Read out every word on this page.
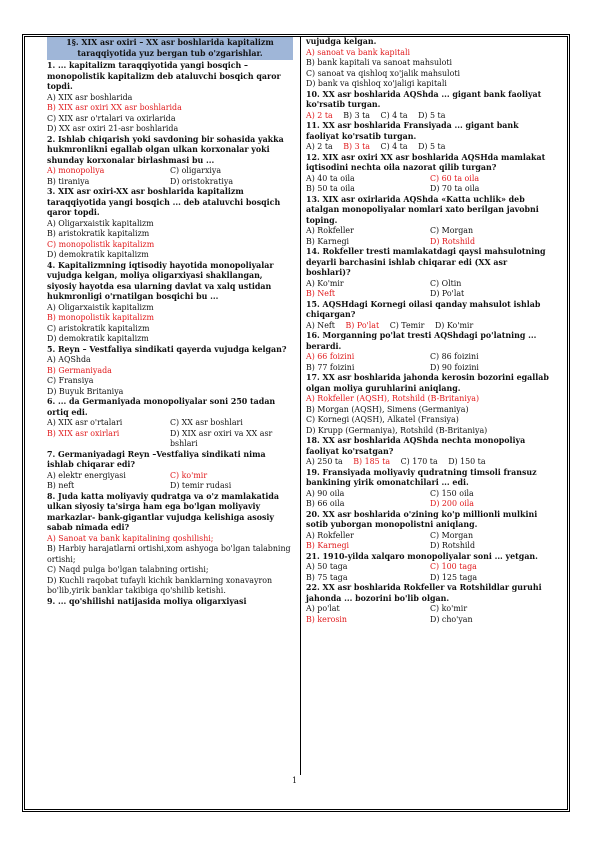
1§. XIX asr oxiri – XX asr boshlarida kapitalizm taraqqiyotida yuz bergan tub o'zgarishlar.
1. ... kapitalizm taraqqiyotida yangi bosqich – monopolistik kapitalizm deb ataluvchi bosqich qaror topdi.
A) XIX asr boshlarida
B) XIX asr oxiri XX asr boshlarida
C) XIX asr o'rtalari va oxirlarida
D) XX asr oxiri 21-asr boshlarida
2. Ishlab chiqarish yoki savdoning bir sohasida yakka hukmronlikni egallab olgan ulkan korxonalar yoki shunday korxonalar birlashmasi bu ...
A) monopoliya	C) oligarxiya
B) tirаniya	D) oristokratiya
3. XIX asr oxiri-XX asr boshlarida kapitalizm taraqqiyotida yangi bosqich ... deb ataluvchi bosqich qaror topdi.
A) Oligarxaistik kapitalizm
B) aristokratik kapitalizm
C) monopolistik kapitalizm
D) demokratik kapitalizm
4. Kapitalizmning iqtisodiy hayotida monopoliyalar vujudga kelgan, moliya oligarxiyasi shakllangan, siyosiy hayotda esa ularning davlat va xalq ustidan hukmronligi o'rnatilgan bosqichi bu ...
A) Oligarxaistik kapitalizm
B) monopolistik kapitalizm
C) aristokratik kapitalizm
D) demokratik kapitalizm
5. Reyn – Vestfaliya sindikati qayerda vujudga kelgan?
A) AQShda
B) Germaniyada
C) Fransiya
D) Buyuk Britaniya
6. ... da Germaniyada monopoliyalar soni 250 tadan ortiq edi.
A) XIX asr o'rtalari	C) XX asr boshlari
B) XIX asr oxirlari	D) XIX asr oxiri va XX asr bshlari
7. Germaniyadagi Reyn –Vestfaliya sindikati nima ishlab chiqarar edi?
A) elektr energiyasi	C) ko'mir
B) neft	D) temir rudasi
8. Juda katta moliyaviy qudratga va o'z mamlakatida ulkan siyosiy ta'sirga ham ega bo'lgan moliyaviy markazlar- bank-gigantlar vujudga kelishiga asosiy sabab nimada edi?
A) Sanoat va bank kapitalining qoshilishi;
B) Harbiy harajatlarni ortishi,xom ashyoga bo'lgan talabning ortishi;
C) Naqd pulga bo'lgan talabning ortishi;
D) Kuchli raqobat tufayli kichik banklarning xonavayron bo'lib,yirik banklar takibiga qo'shilib ketishi.
9. ... qo'shilishi natijasida moliya oligarxiyasi
vujudga kelgan.
A) sanoat va bank kapitali
B) bank kapitali va sanoat mahsuloti
C) sanoat va qishloq xo'jalik mahsuloti
D) bank va qishloq xo'jaligi kapitali
10. XX asr boshlarida AQShda ... gigant bank faoliyat ko'rsatib turgan.
A) 2 ta B) 3 ta C) 4 ta D) 5 ta
11. XX asr boshlarida Fransiyada ... gigant bank faoliyat ko'rsatib turgan.
A) 2 ta B) 3 ta C) 4 ta D) 5 ta
12. XIX asr oxiri XX asr boshlarida AQSHda mamlakat iqtisodini nechta oila nazorat qilib turgan?
A) 40 ta oila	C) 60 ta oila
B) 50 ta oila	D) 70 ta oila
13. XIX asr oxirlarida AQShda «Katta uchlik» deb atalgan monopoliyalar nomlari xato berilgan javobni toping.
A) Rokfeller	C) Morgan
B) Karnegi	D) Rotshild
14. Rokfeller tresti mamlakatdagi qaysi mahsulotning deyarli barchasini ishlab chiqarar edi (XX asr boshlari)?
A) Ko'mir	C) Oltin
B) Neft	D) Po'lat
15. AQSHdagi Kornegi oilasi qanday mahsulot ishlab chiqargan?
A) Neft B) Po'lat C) Temir D) Ko'mir
16. Morganning po'lat tresti AQShdagi po'latning ... berardi.
A) 66 foizini	C) 86 foizini
B) 77 foizini	D) 90 foizini
17. XX asr boshlarida jahonda kerosin bozorini egallab olgan moliya guruhlarini aniqlang.
A) Rokfeller (AQSH), Rotshild (B-Britaniya)
B) Morgan (AQSH), Simens (Germaniya)
C) Kornegi (AQSH), Alkatel (Fransiya)
D) Krupp (Germaniya), Rotshild (B-Britaniya)
18. XX asr boshlarida AQShda nechta monopoliya faoliyat ko'rsatgan?
A) 250 ta B) 185 ta C) 170 ta D) 150 ta
19. Fransiyada moliyaviy qudratning timsoli fransuz bankining yirik omonatchilari ... edi.
A) 90 oila	C) 150 oila
B) 66 oila	D) 200 oila
20. XX asr boshlarida o'zining ko'p millionli mulkini sotib yuborgan monopolistni aniqlang.
A) Rokfeller	C) Morgan
B) Karnegi	D) Rotshild
21. 1910-yilda xalqaro monopoliyalar soni ... yetgan.
A) 50 taga	C) 100 taga
B) 75 taga	D) 125 taga
22. XX asr boshlarida Rokfeller va Rotshildlar guruhi jahonda ... bozorini bo'lib olgan.
A) po'lat	C) ko'mir
B) kerosin	D) cho'yan
1
